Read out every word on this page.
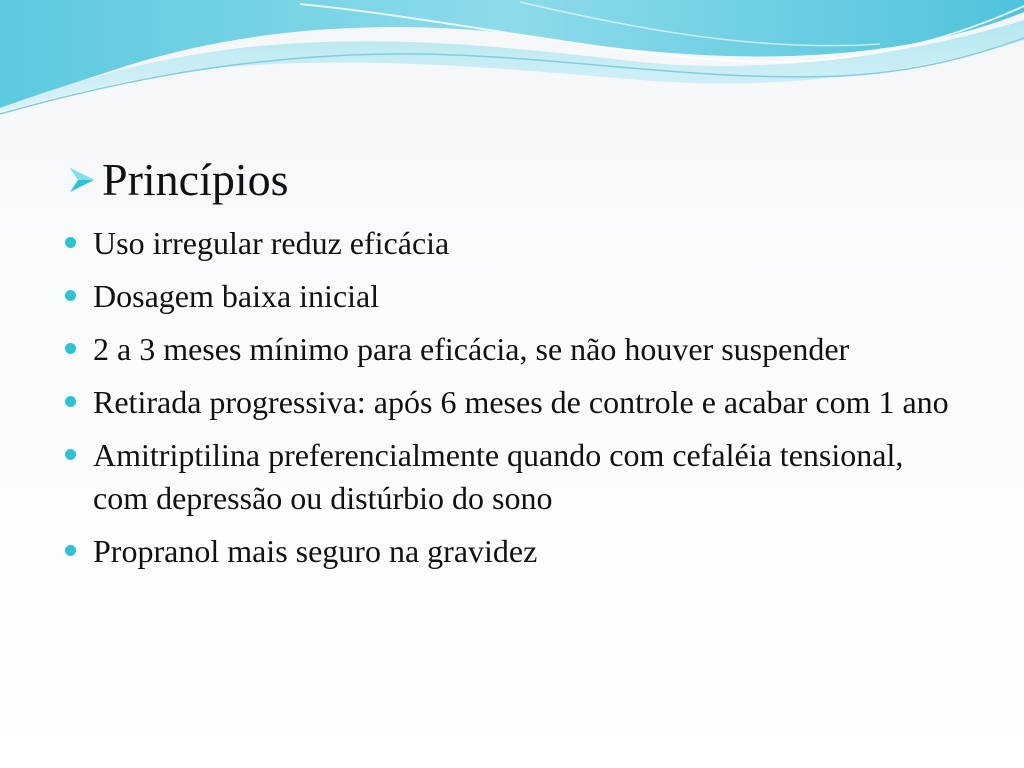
Princípios
Uso irregular reduz eficácia
Dosagem baixa inicial
2 a 3 meses mínimo para eficácia, se não houver suspender
Retirada progressiva: após 6 meses de controle e acabar com 1 ano
Amitriptilina preferencialmente quando com cefaléia tensional, com depressão ou distúrbio do sono
Propranol mais seguro na gravidez
